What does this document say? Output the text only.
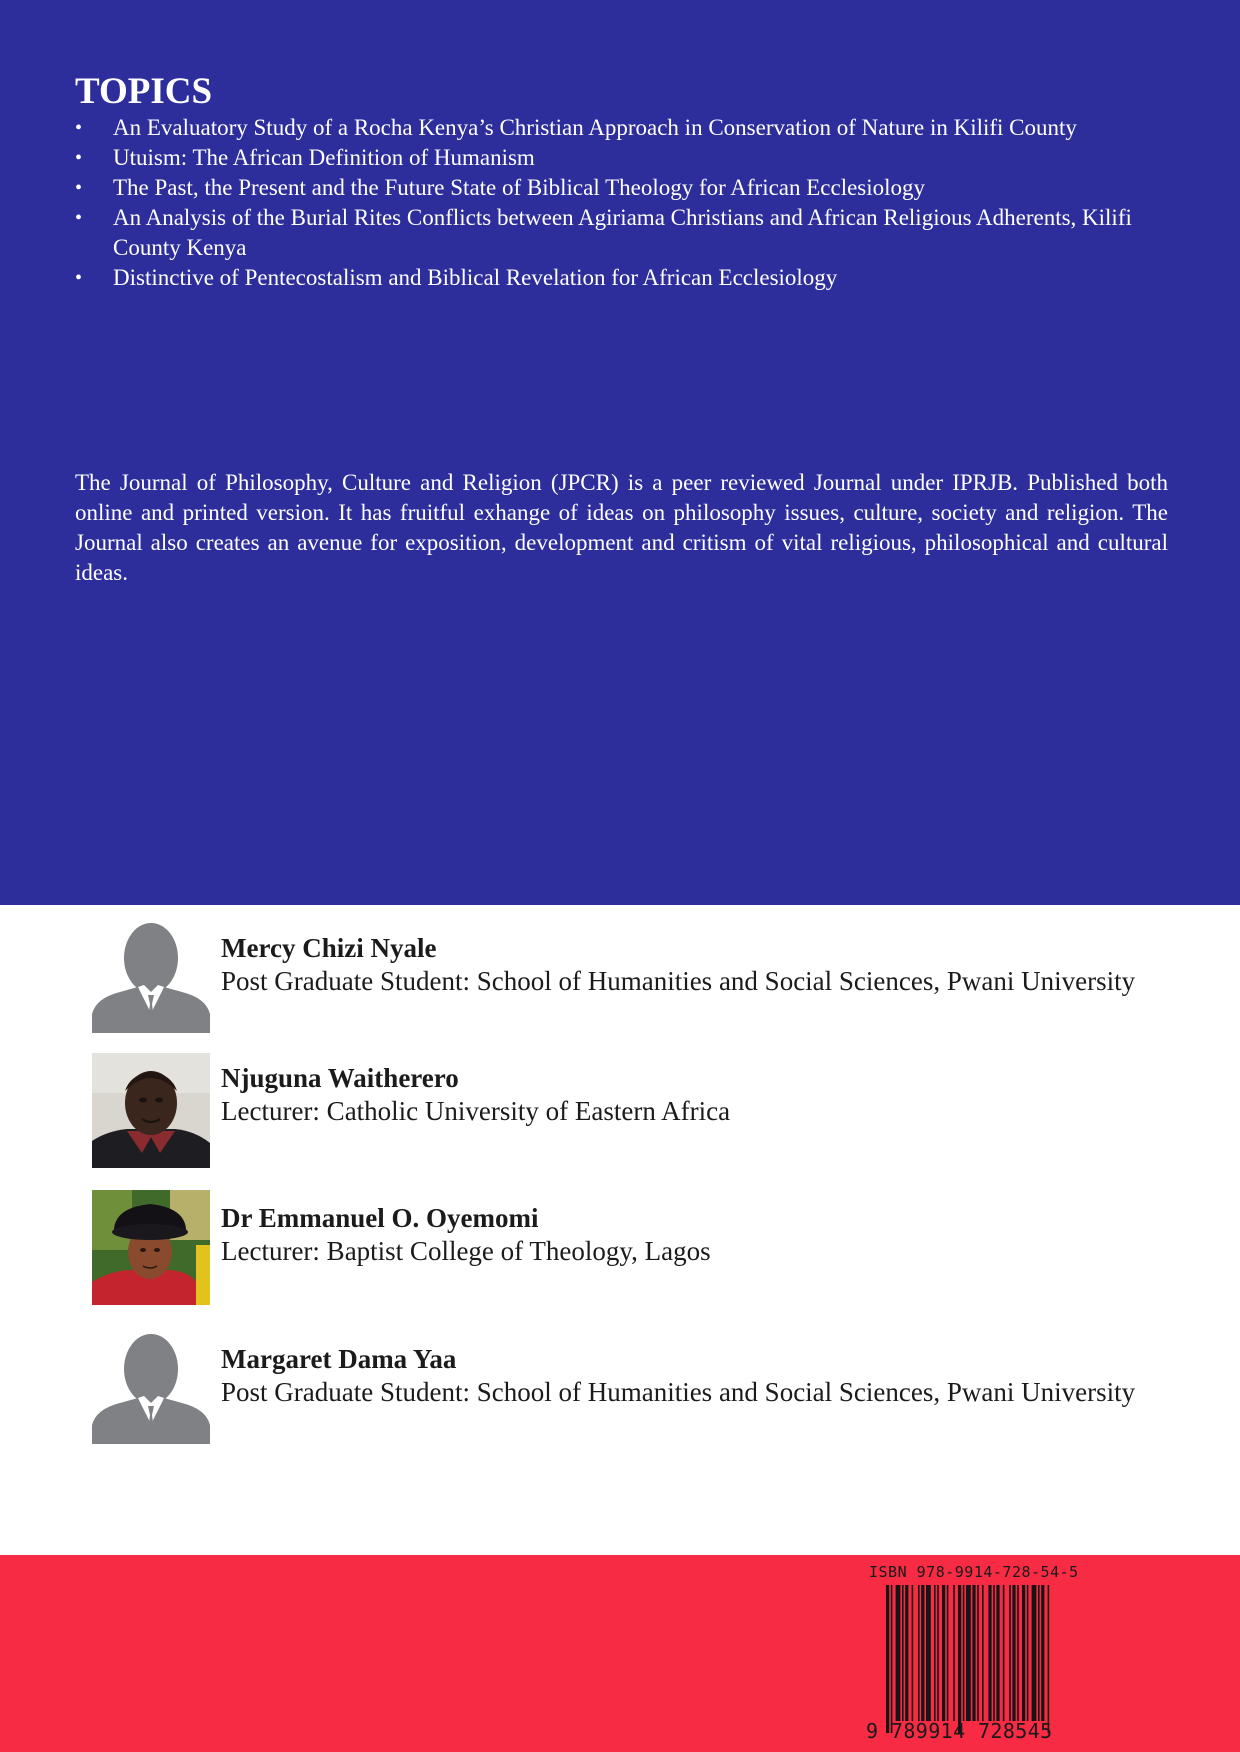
TOPICS
• An Evaluatory Study of a Rocha Kenya’s Christian Approach in Conservation of Nature in Kilifi County
• Utuism: The African Definition of Humanism
• The Past, the Present and the Future State of Biblical Theology for African Ecclesiology
• An Analysis of the Burial Rites Conflicts between Agiriama Christians and African Religious Adherents, Kilifi County Kenya
• Distinctive of Pentecostalism and Biblical Revelation for African Ecclesiology

The Journal of Philosophy, Culture and Religion (JPCR) is a peer reviewed Journal under IPRJB. Published both online and printed version. It has fruitful exhange of ideas on philosophy issues, culture, society and religion. The Journal also creates an avenue for exposition, development and critism of vital religious, philosophical and cultural ideas.

Mercy Chizi Nyale
Post Graduate Student: School of Humanities and Social Sciences, Pwani University
Njuguna Waitherero
Lecturer: Catholic University of Eastern Africa
Dr Emmanuel O. Oyemomi
Lecturer: Baptist College of Theology, Lagos
Margaret Dama Yaa
Post Graduate Student: School of Humanities and Social Sciences, Pwani University
ISBN 978-9914-728-54-5
9 789914 728545
